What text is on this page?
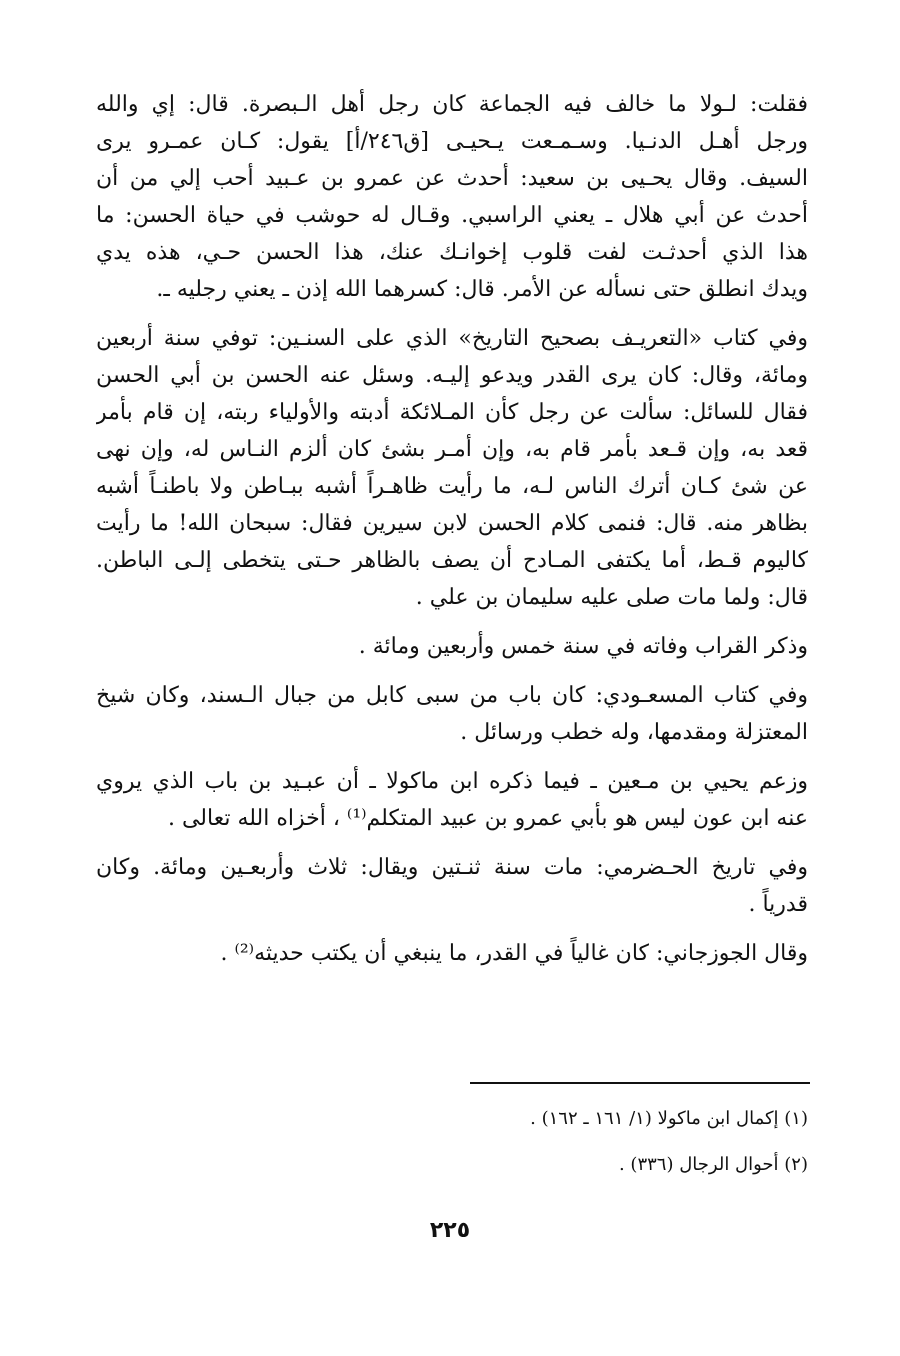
فقلت: لـولا ما خالف فيه الجماعة كان رجل أهل الـبصرة. قال: إي والله
ورجل أهـل الدنـيا. وسـمـعت يـحيـى [ق٢٤٦/أ] يقول: كـان عمـرو يرى
السيف. وقال يحـيى بن سعيد: أحدث عن عمرو بن عـبيد أحب إلي من أن
أحدث عن أبي هلال ـ يعني الراسبي. وقـال له حوشب في حياة الحسن: ما
هذا الذي أحدثـت لفت قلوب إخوانـك عنك، هذا الحسن حـي، هذه يدي
ويدك انطلق حتى نسأله عن الأمر. قال: كسرهما الله إذن ـ يعني رجليه ـ.
وفي كتاب «التعريـف بصحيح التاريخ» الذي على السنـين: توفي سنة أربعين
ومائة، وقال: كان يرى القدر ويدعو إليـه. وسئل عنه الحسن بن أبي الحسن
فقال للسائل: سألت عن رجل كأن المـلائكة أدبته والأولياء ربته، إن قام بأمر
قعد به، وإن قـعد بأمر قام به، وإن أمـر بشئ كان ألزم النـاس له، وإن نهى
عن شئ كـان أترك الناس لـه، ما رأيت ظاهـراً أشبه ببـاطن ولا باطنـاً أشبه
بظاهر منه. قال: فنمى كلام الحسن لابن سيرين فقال: سبحان الله! ما رأيت
كاليوم قـط، أما يكتفى المـادح أن يصف بالظاهر حـتى يتخطى إلـى الباطن.
قال: ولما مات صلى عليه سليمان بن علي .
وذكر القراب وفاته في سنة خمس وأربعين ومائة .
وفي كتاب المسعـودي: كان باب من سبى كابل من جبال الـسند، وكان شيخ
المعتزلة ومقدمها، وله خطب ورسائل .
وزعم يحيي بن مـعين ـ فيما ذكره ابن ماكولا ـ أن عبـيد بن باب الذي يروي
عنه ابن عون ليس هو بأبي عمرو بن عبيد المتكلم⁽¹⁾ ، أخزاه الله تعالى .
وفي تاريخ الحـضرمي: مات سنة ثنـتين ويقال: ثلاث وأربعـين ومائة. وكان
قدرياً .
وقال الجوزجاني: كان غالياً في القدر، ما ينبغي أن يكتب حديثه⁽²⁾ .
(١) إكمال ابن ماكولا (١/ ١٦١ ـ ١٦٢) .
(٢) أحوال الرجال (٣٣٦) .
٢٢٥
